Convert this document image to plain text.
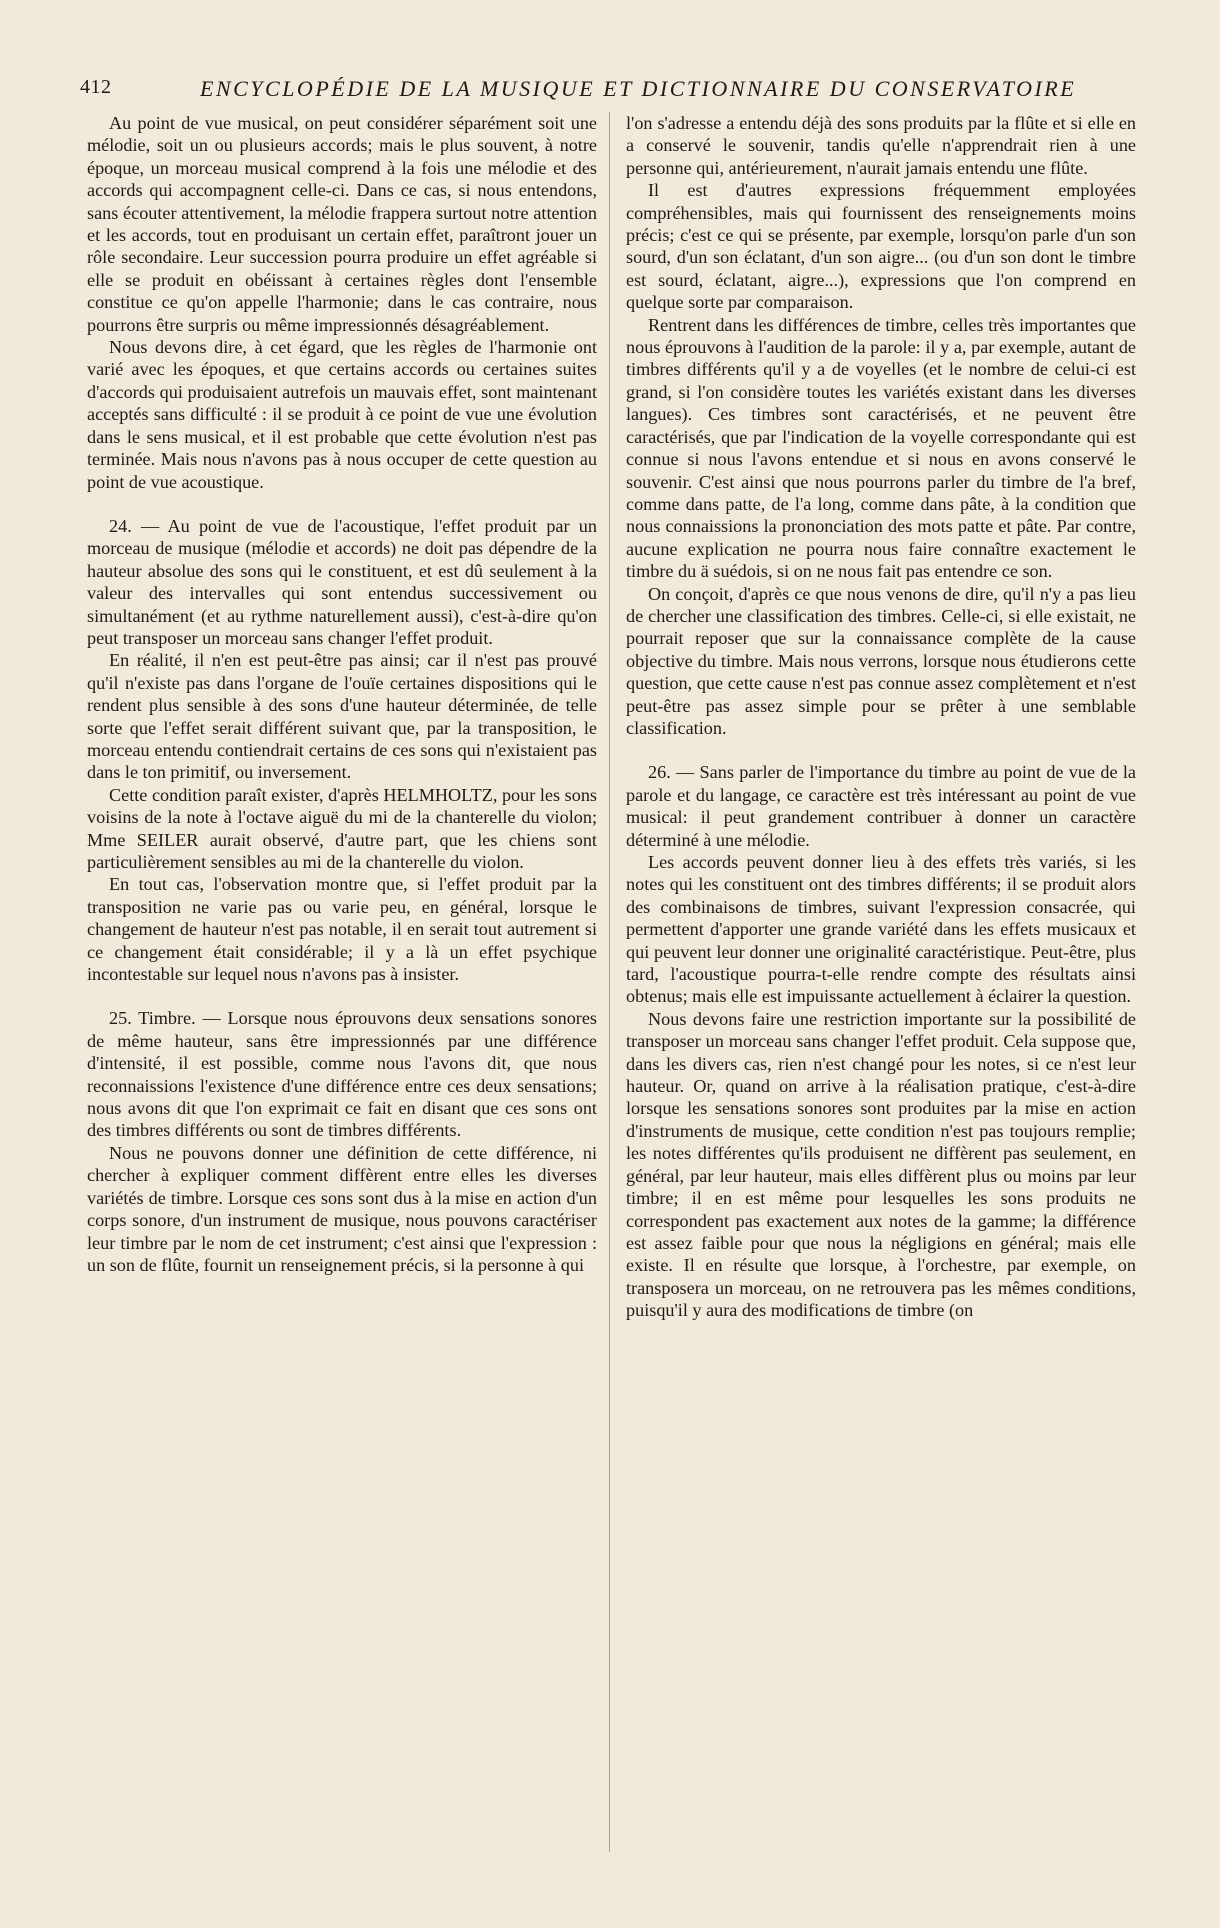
412	ENCYCLOPÉDIE DE LA MUSIQUE ET DICTIONNAIRE DU CONSERVATOIRE

Au point de vue musical, on peut considérer séparément soit une mélodie, soit un ou plusieurs accords; mais le plus souvent, à notre époque, un morceau musical comprend à la fois une mélodie et des accords qui accompagnent celle-ci. Dans ce cas, si nous entendons, sans écouter attentivement, la mélodie frappera surtout notre attention et les accords, tout en produisant un certain effet, paraîtront jouer un rôle secondaire. Leur succession pourra produire un effet agréable si elle se produit en obéissant à certaines règles dont l'ensemble constitue ce qu'on appelle l'harmonie; dans le cas contraire, nous pourrons être surpris ou même impressionnés désagréablement.

Nous devons dire, à cet égard, que les règles de l'harmonie ont varié avec les époques, et que certains accords ou certaines suites d'accords qui produisaient autrefois un mauvais effet, sont maintenant acceptés sans difficulté : il se produit à ce point de vue une évolution dans le sens musical, et il est probable que cette évolution n'est pas terminée. Mais nous n'avons pas à nous occuper de cette question au point de vue acoustique.

24. — Au point de vue de l'acoustique, l'effet produit par un morceau de musique (mélodie et accords) ne doit pas dépendre de la hauteur absolue des sons qui le constituent, et est dû seulement à la valeur des intervalles qui sont entendus successivement ou simultanément (et au rythme naturellement aussi), c'est-à-dire qu'on peut transposer un morceau sans changer l'effet produit.

En réalité, il n'en est peut-être pas ainsi; car il n'est pas prouvé qu'il n'existe pas dans l'organe de l'ouïe certaines dispositions qui le rendent plus sensible à des sons d'une hauteur déterminée, de telle sorte que l'effet serait différent suivant que, par la transposition, le morceau entendu contiendrait certains de ces sons qui n'existaient pas dans le ton primitif, ou inversement.

Cette condition paraît exister, d'après HELMHOLTZ, pour les sons voisins de la note à l'octave aiguë du mi de la chanterelle du violon; Mme SEILER aurait observé, d'autre part, que les chiens sont particulièrement sensibles au mi de la chanterelle du violon.

En tout cas, l'observation montre que, si l'effet produit par la transposition ne varie pas ou varie peu, en général, lorsque le changement de hauteur n'est pas notable, il en serait tout autrement si ce changement était considérable; il y a là un effet psychique incontestable sur lequel nous n'avons pas à insister.

25. Timbre. — Lorsque nous éprouvons deux sensations sonores de même hauteur, sans être impressionnés par une différence d'intensité, il est possible, comme nous l'avons dit, que nous reconnaissions l'existence d'une différence entre ces deux sensations; nous avons dit que l'on exprimait ce fait en disant que ces sons ont des timbres différents ou sont de timbres différents.

Nous ne pouvons donner une définition de cette différence, ni chercher à expliquer comment diffèrent entre elles les diverses variétés de timbre. Lorsque ces sons sont dus à la mise en action d'un corps sonore, d'un instrument de musique, nous pouvons caractériser leur timbre par le nom de cet instrument; c'est ainsi que l'expression : un son de flûte, fournit un renseignement précis, si la personne à qui

l'on s'adresse a entendu déjà des sons produits par la flûte et si elle en a conservé le souvenir, tandis qu'elle n'apprendrait rien à une personne qui, antérieurement, n'aurait jamais entendu une flûte.

Il est d'autres expressions fréquemment employées compréhensibles, mais qui fournissent des renseignements moins précis; c'est ce qui se présente, par exemple, lorsqu'on parle d'un son sourd, d'un son éclatant, d'un son aigre... (ou d'un son dont le timbre est sourd, éclatant, aigre...), expressions que l'on comprend en quelque sorte par comparaison.

Rentrent dans les différences de timbre, celles très importantes que nous éprouvons à l'audition de la parole: il y a, par exemple, autant de timbres différents qu'il y a de voyelles (et le nombre de celui-ci est grand, si l'on considère toutes les variétés existant dans les diverses langues). Ces timbres sont caractérisés, et ne peuvent être caractérisés, que par l'indication de la voyelle correspondante qui est connue si nous l'avons entendue et si nous en avons conservé le souvenir. C'est ainsi que nous pourrons parler du timbre de l'a bref, comme dans patte, de l'a long, comme dans pâte, à la condition que nous connaissions la prononciation des mots patte et pâte. Par contre, aucune explication ne pourra nous faire connaître exactement le timbre du ä suédois, si on ne nous fait pas entendre ce son.

On conçoit, d'après ce que nous venons de dire, qu'il n'y a pas lieu de chercher une classification des timbres. Celle-ci, si elle existait, ne pourrait reposer que sur la connaissance complète de la cause objective du timbre. Mais nous verrons, lorsque nous étudierons cette question, que cette cause n'est pas connue assez complètement et n'est peut-être pas assez simple pour se prêter à une semblable classification.

26. — Sans parler de l'importance du timbre au point de vue de la parole et du langage, ce caractère est très intéressant au point de vue musical: il peut grandement contribuer à donner un caractère déterminé à une mélodie.

Les accords peuvent donner lieu à des effets très variés, si les notes qui les constituent ont des timbres différents; il se produit alors des combinaisons de timbres, suivant l'expression consacrée, qui permettent d'apporter une grande variété dans les effets musicaux et qui peuvent leur donner une originalité caractéristique. Peut-être, plus tard, l'acoustique pourra-t-elle rendre compte des résultats ainsi obtenus; mais elle est impuissante actuellement à éclairer la question.

Nous devons faire une restriction importante sur la possibilité de transposer un morceau sans changer l'effet produit. Cela suppose que, dans les divers cas, rien n'est changé pour les notes, si ce n'est leur hauteur. Or, quand on arrive à la réalisation pratique, c'est-à-dire lorsque les sensations sonores sont produites par la mise en action d'instruments de musique, cette condition n'est pas toujours remplie; les notes différentes qu'ils produisent ne diffèrent pas seulement, en général, par leur hauteur, mais elles diffèrent plus ou moins par leur timbre; il en est même pour lesquelles les sons produits ne correspondent pas exactement aux notes de la gamme; la différence est assez faible pour que nous la négligions en général; mais elle existe. Il en résulte que lorsque, à l'orchestre, par exemple, on transposera un morceau, on ne retrouvera pas les mêmes conditions, puisqu'il y aura des modifications de timbre (on
